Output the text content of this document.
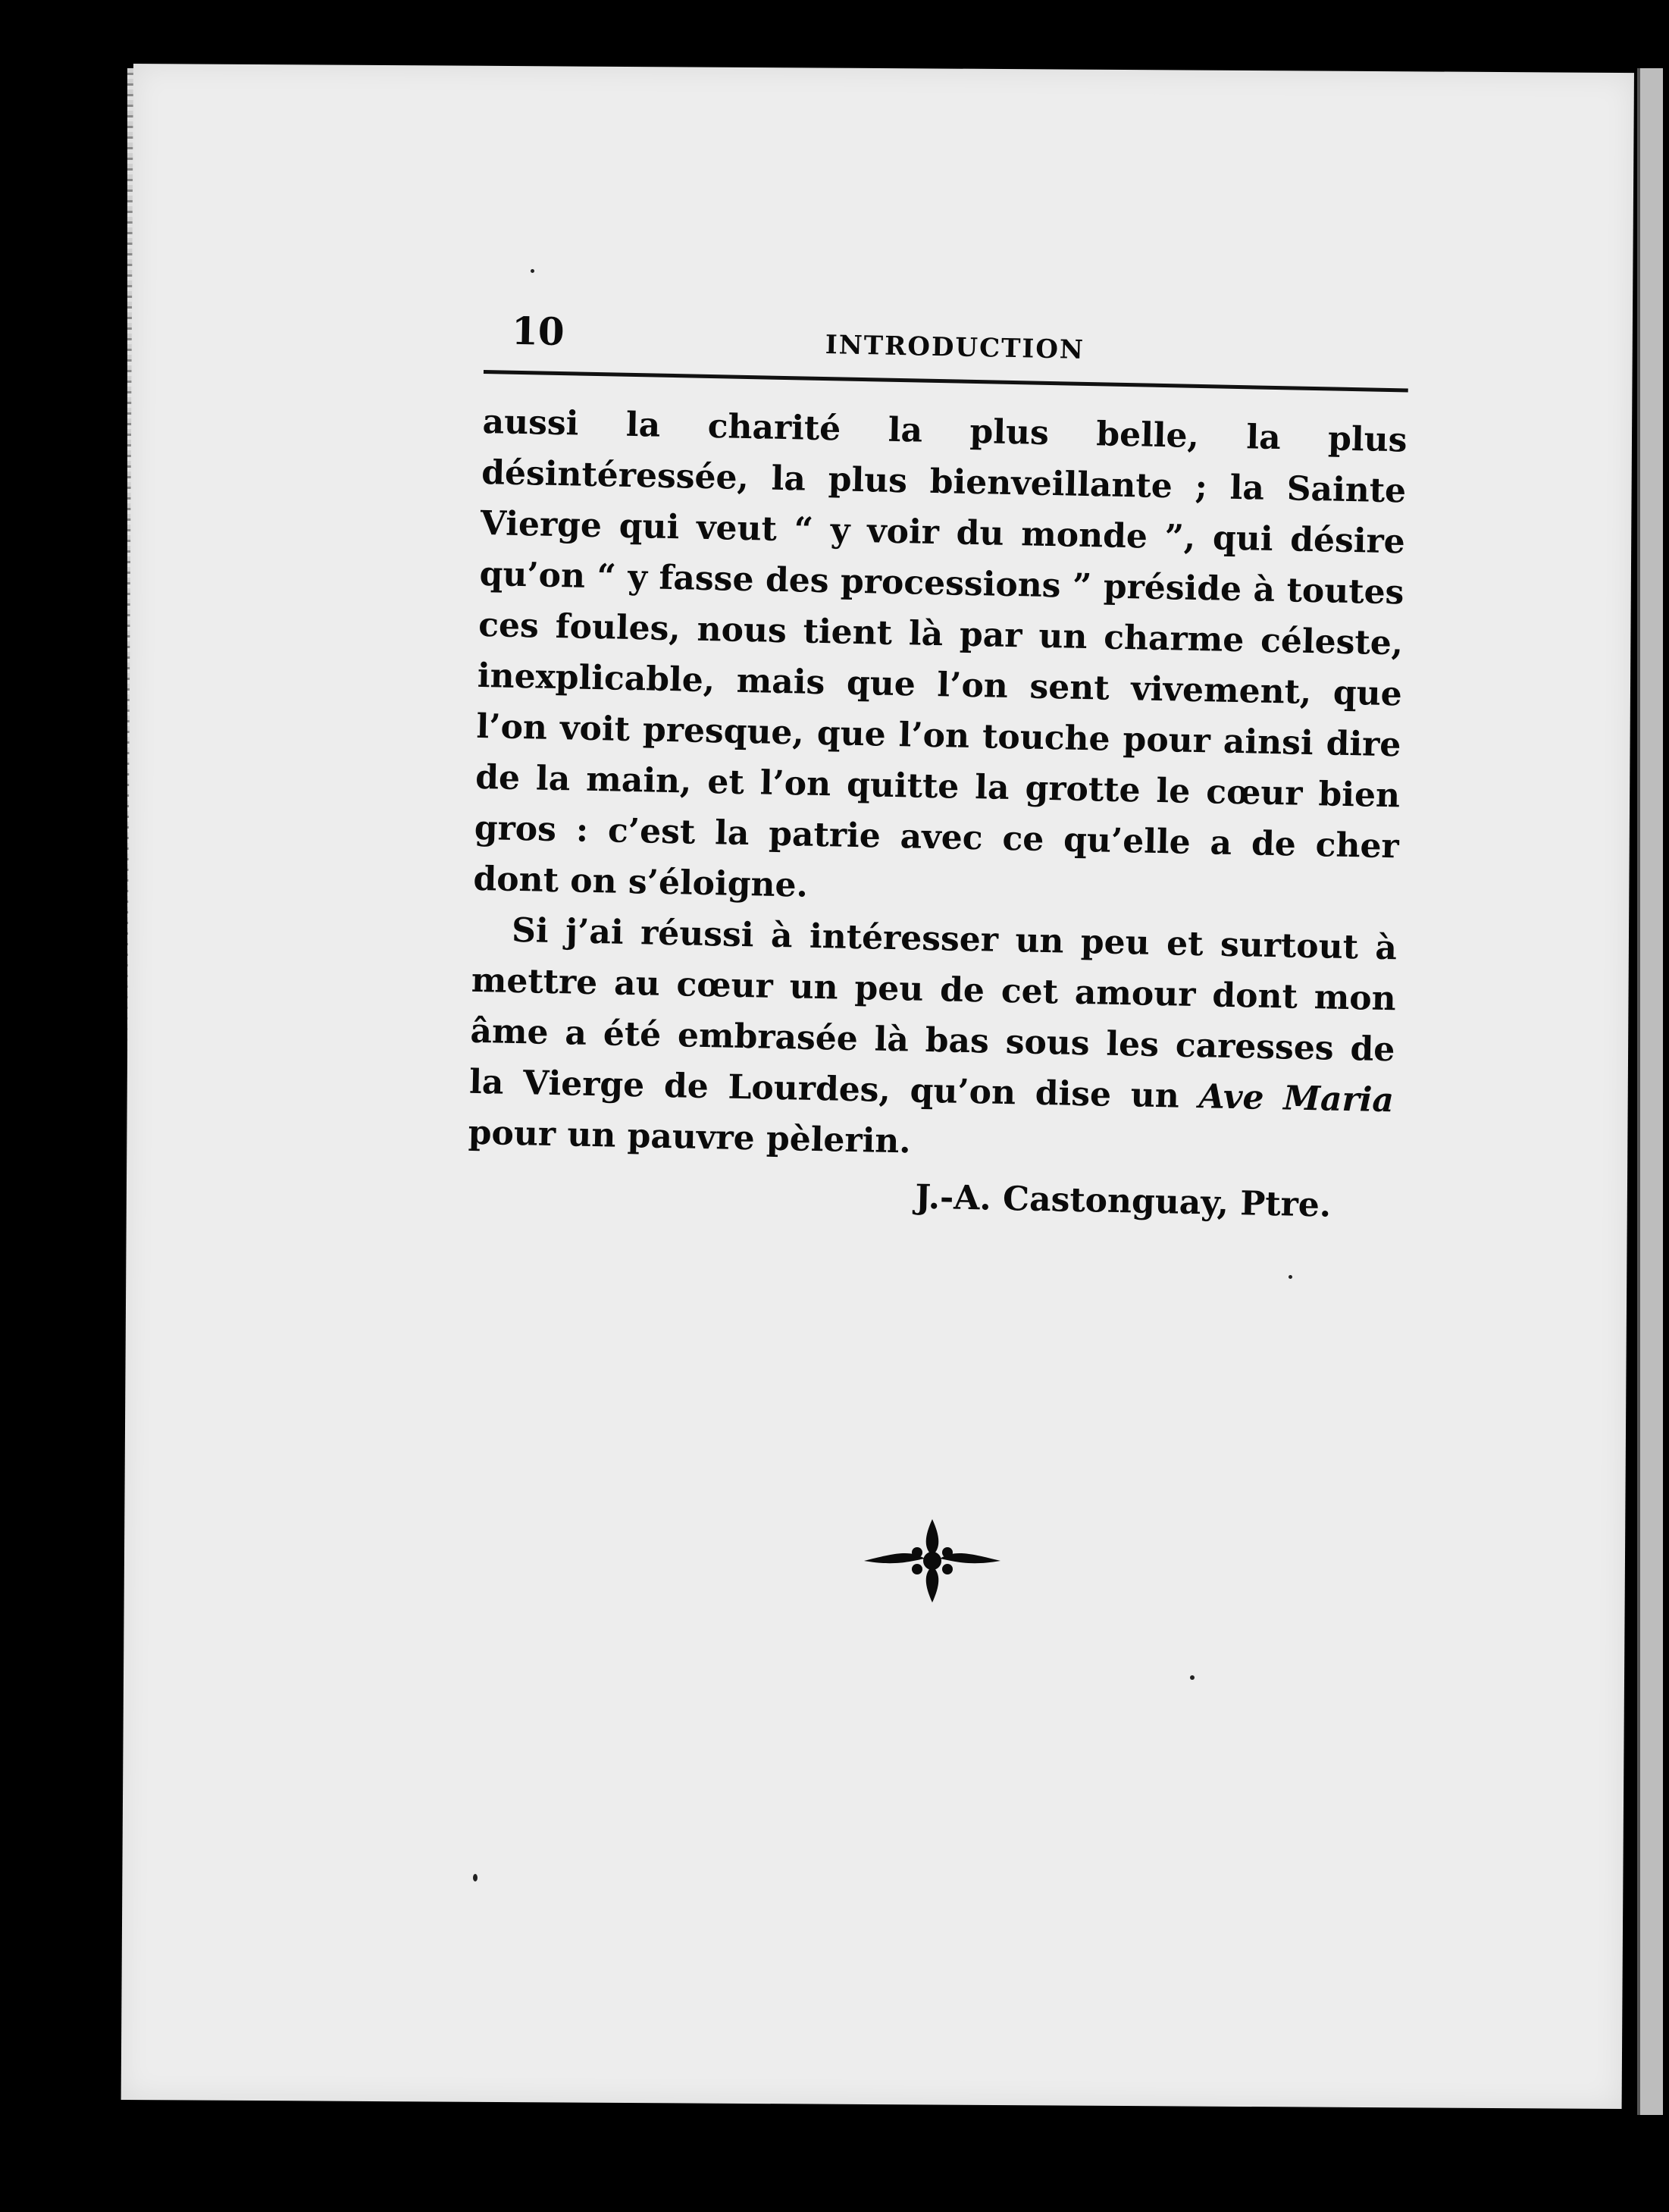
10	INTRODUCTION

aussi la charité la plus belle, la plus désintéressée, la plus bienveillante ; la Sainte Vierge qui veut “ y voir du monde ”, qui désire qu’on “ y fasse des processions ” préside à toutes ces foules, nous tient là par un charme céleste, inexplicable, mais que l’on sent vivement, que l’on voit presque, que l’on touche pour ainsi dire de la main, et l’on quitte la grotte le cœur bien gros : c’est la patrie avec ce qu’elle a de cher dont on s’éloigne.

Si j’ai réussi à intéresser un peu et surtout à mettre au cœur un peu de cet amour dont mon âme a été embrasée là bas sous les caresses de la Vierge de Lourdes, qu’on dise un Ave Maria pour un pauvre pèlerin.

J.-A. Castonguay, Ptre.
